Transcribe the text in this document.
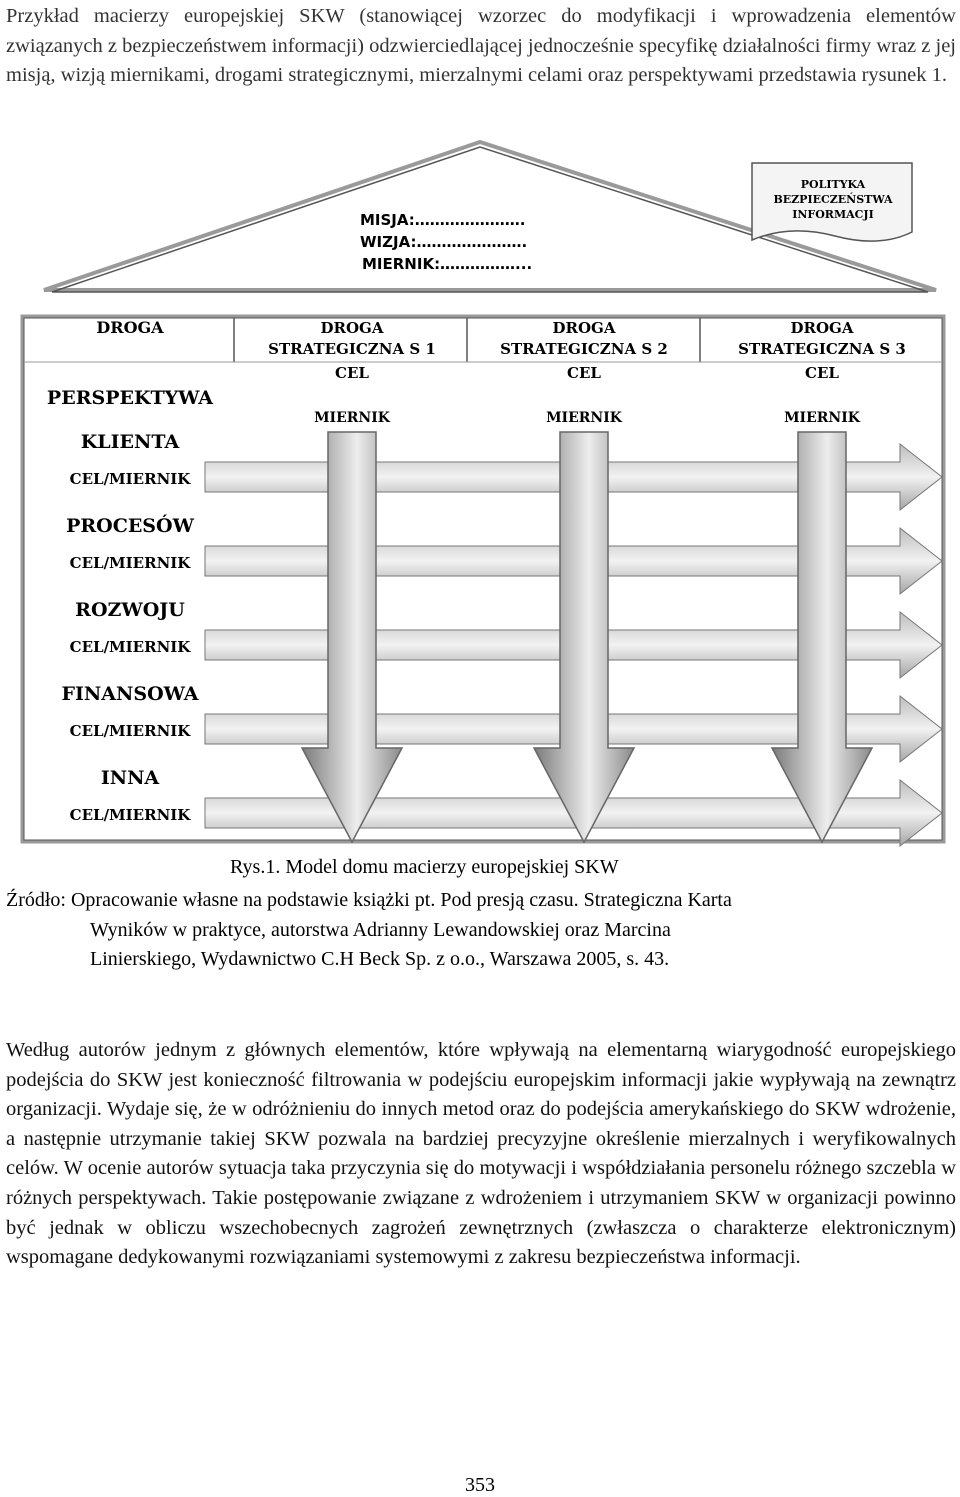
Przykład macierzy europejskiej SKW (stanowiącej wzorzec do modyfikacji i wprowadzenia elementów związanych z bezpieczeństwem informacji) odzwierciedlającej jednocześnie specyfikę działalności firmy wraz z jej misją, wizją miernikami, drogami strategicznymi, mierzalnymi celami oraz perspektywami przedstawia rysunek 1.

MISJA:………………….
WIZJA:………………….
MIERNIK:……………...
POLITYKA
BEZPIECZEŃSTWA
INFORMACJI
DROGA	DROGA
STRATEGICZNA S 1
CEL
MIERNIK
DROGA
STRATEGICZNA S 2
CEL
MIERNIK
DROGA
STRATEGICZNA S 3
CEL
MIERNIK
PERSPEKTYWA
KLIENTA
CEL/MIERNIK
PROCESÓW
CEL/MIERNIK
ROZWOJU
CEL/MIERNIK
FINANSOWA
CEL/MIERNIK
INNA
CEL/MIERNIK
Rys.1. Model domu macierzy europejskiej SKW
Źródło: Opracowanie własne na podstawie książki pt. Pod presją czasu. Strategiczna Karta
Wyników w praktyce, autorstwa Adrianny Lewandowskiej oraz Marcina
Linierskiego, Wydawnictwo C.H Beck Sp. z o.o., Warszawa 2005, s. 43.

Według autorów jednym z głównych elementów, które wpływają na elementarną wiarygodność europejskiego podejścia do SKW jest konieczność filtrowania w podejściu europejskim informacji jakie wypływają na zewnątrz organizacji. Wydaje się, że w odróżnieniu do innych metod oraz do podejścia amerykańskiego do SKW wdrożenie, a następnie utrzymanie takiej SKW pozwala na bardziej precyzyjne określenie mierzalnych i weryfikowalnych celów. W ocenie autorów sytuacja taka przyczynia się do motywacji i współdziałania personelu różnego szczebla w różnych perspektywach. Takie postępowanie związane z wdrożeniem i utrzymaniem SKW w organizacji powinno być jednak w obliczu wszechobecnych zagrożeń zewnętrznych (zwłaszcza o charakterze elektronicznym) wspomagane dedykowanymi rozwiązaniami systemowymi z zakresu bezpieczeństwa informacji.

353
